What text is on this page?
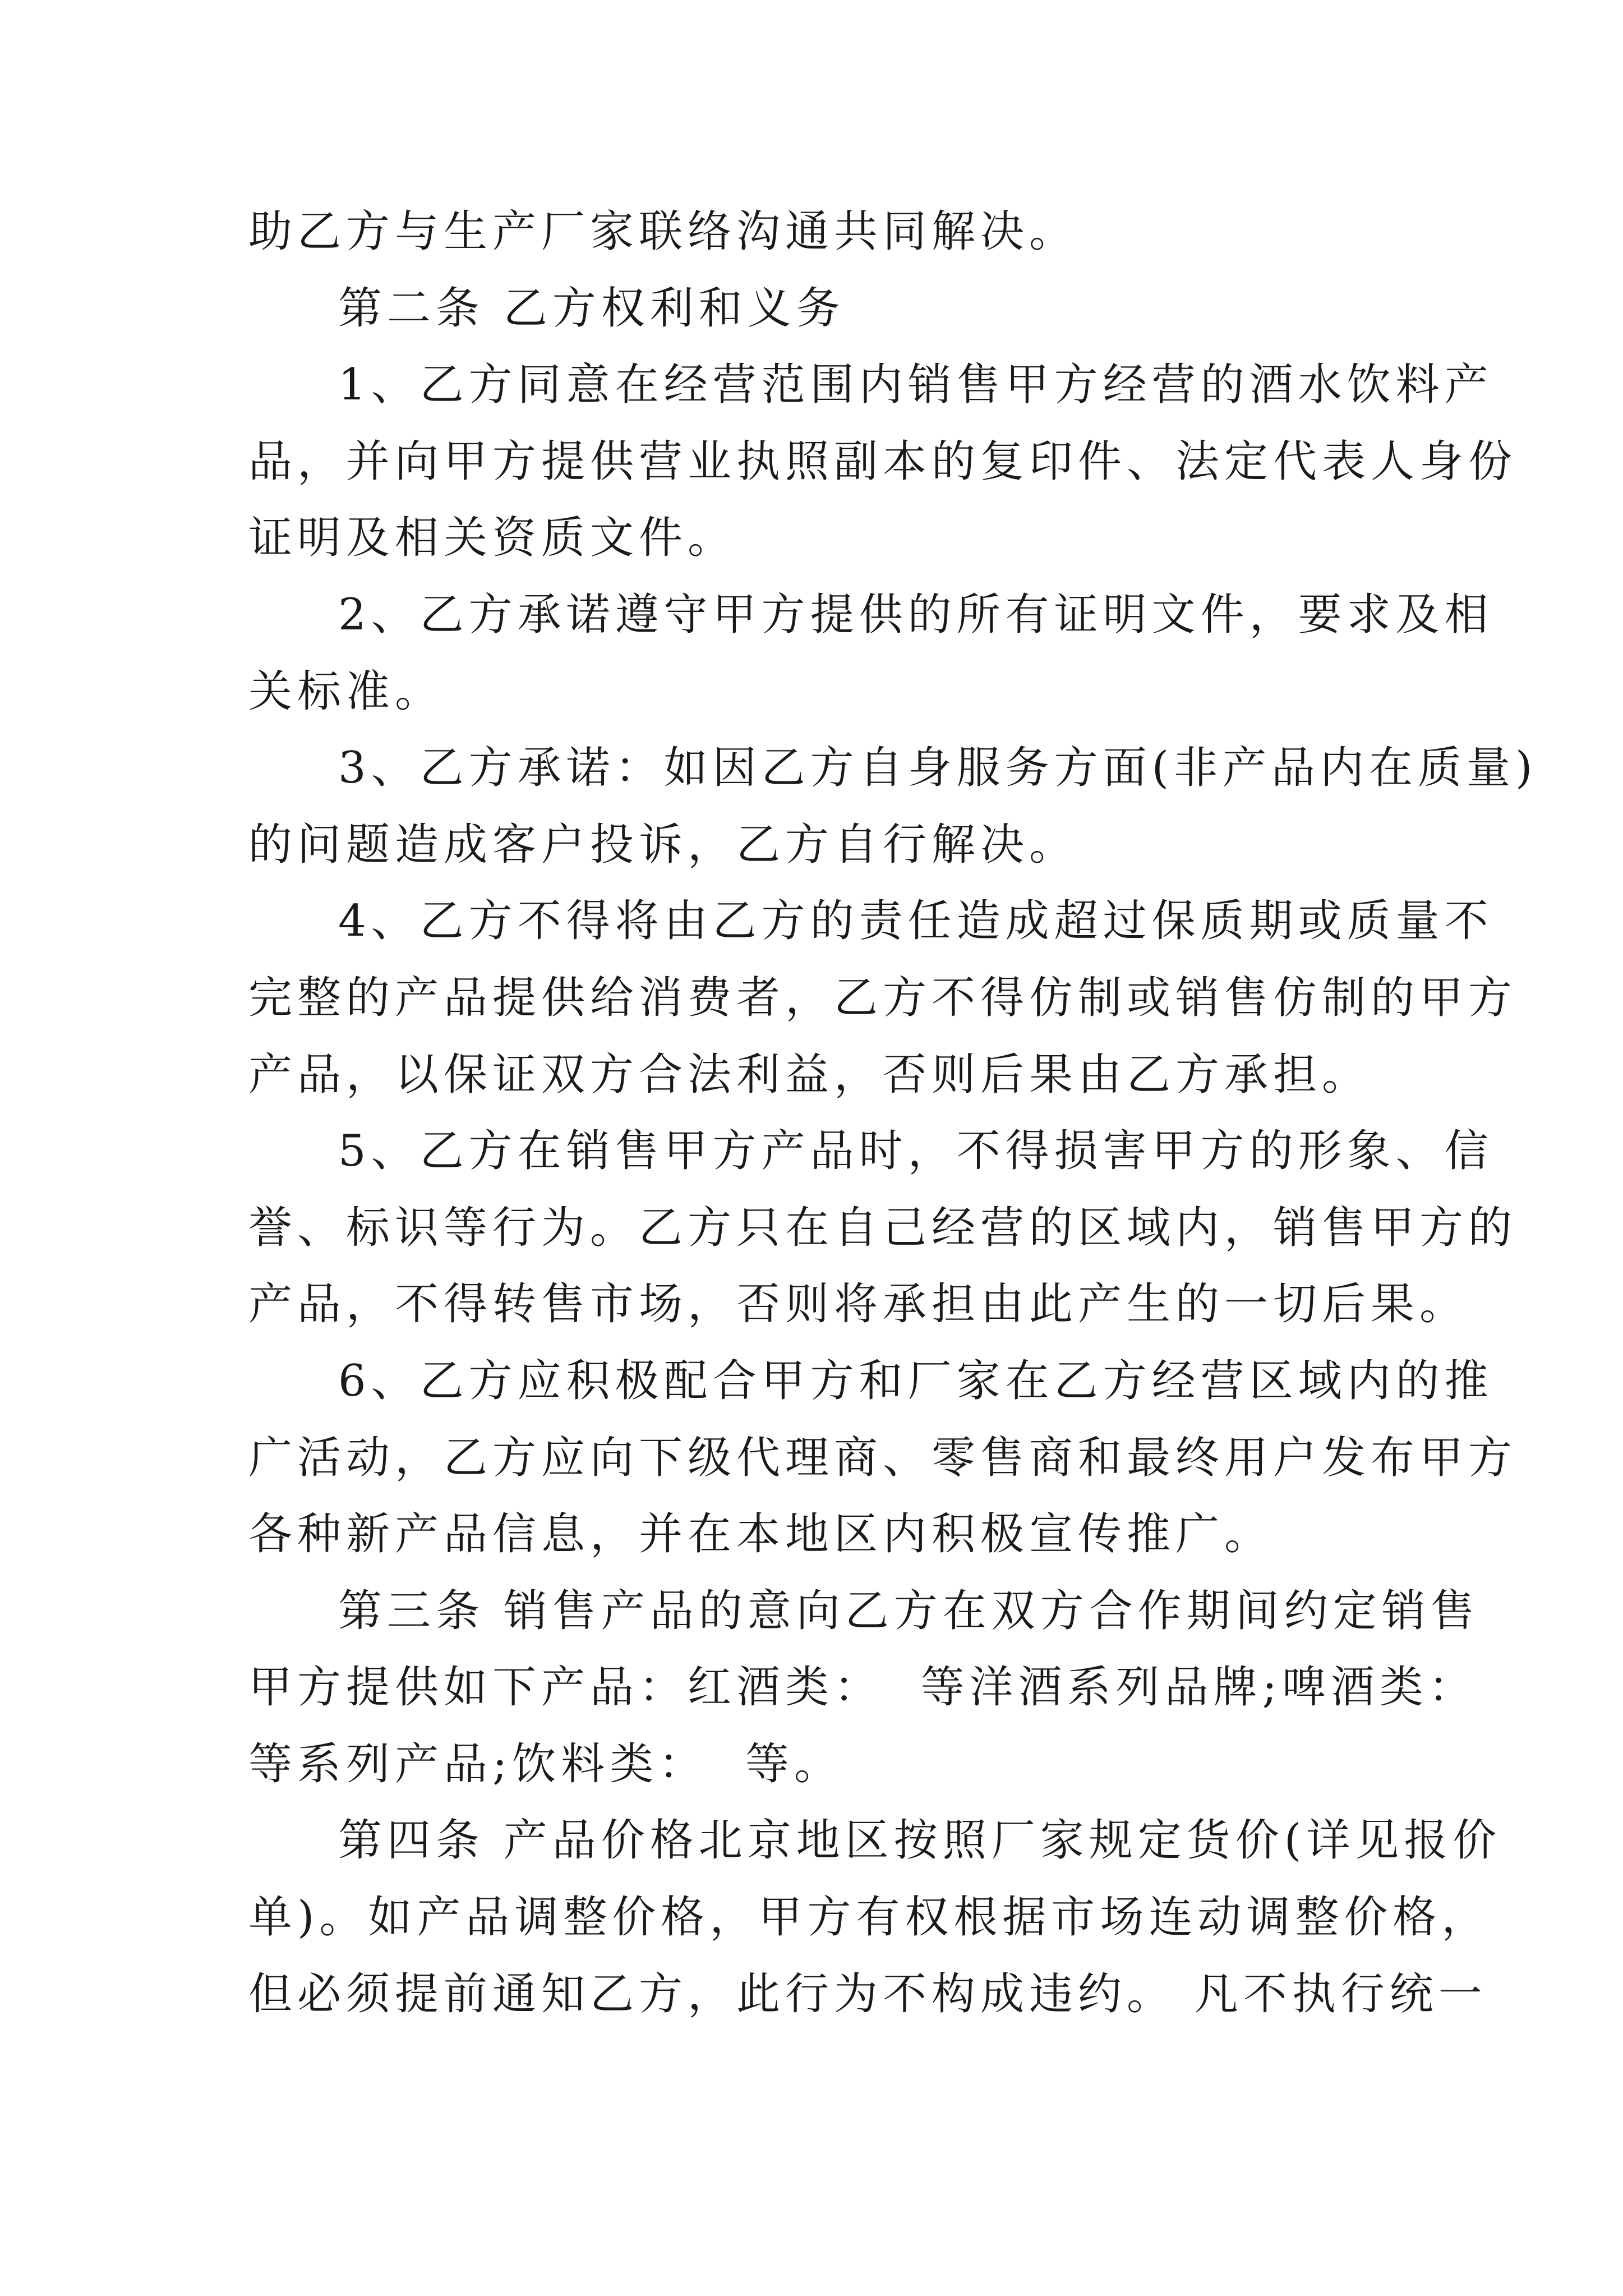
助乙方与生产厂家联络沟通共同解决。
第二条 乙方权利和义务
1、乙方同意在经营范围内销售甲方经营的酒水饮料产
品，并向甲方提供营业执照副本的复印件、法定代表人身份
证明及相关资质文件。
2、乙方承诺遵守甲方提供的所有证明文件，要求及相
关标准。
3、乙方承诺：如因乙方自身服务方面(非产品内在质量)
的问题造成客户投诉，乙方自行解决。
4、乙方不得将由乙方的责任造成超过保质期或质量不
完整的产品提供给消费者，乙方不得仿制或销售仿制的甲方
产品，以保证双方合法利益，否则后果由乙方承担。
5、乙方在销售甲方产品时，不得损害甲方的形象、信
誉、标识等行为。乙方只在自己经营的区域内，销售甲方的
产品，不得转售市场，否则将承担由此产生的一切后果。
6、乙方应积极配合甲方和厂家在乙方经营区域内的推
广活动，乙方应向下级代理商、零售商和最终用户发布甲方
各种新产品信息，并在本地区内积极宣传推广。
第三条 销售产品的意向乙方在双方合作期间约定销售
甲方提供如下产品：红酒类：  等洋酒系列品牌;啤酒类：
等系列产品;饮料类：  等。
第四条 产品价格北京地区按照厂家规定货价(详见报价
单)。如产品调整价格，甲方有权根据市场连动调整价格，
但必须提前通知乙方，此行为不构成违约。 凡不执行统一
